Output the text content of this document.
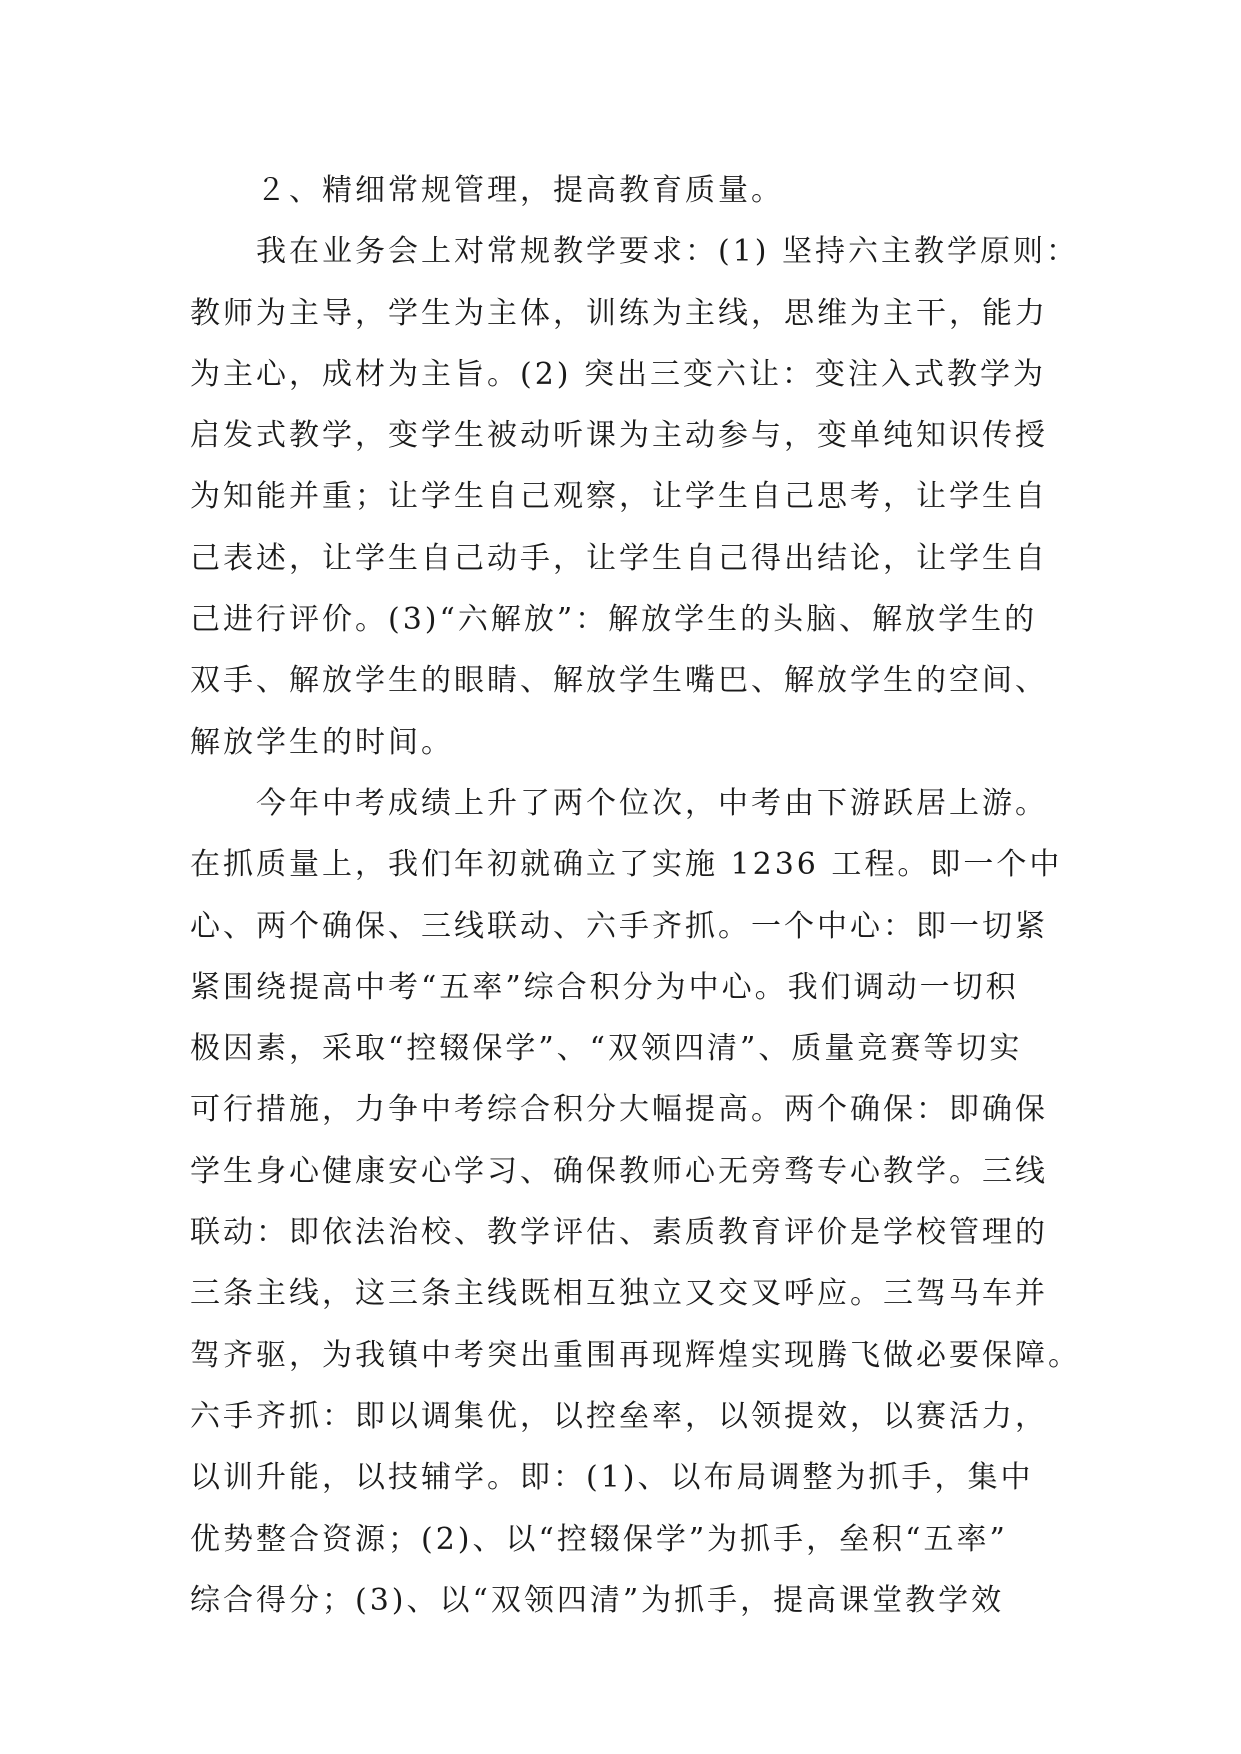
２、精细常规管理，提高教育质量。
我在业务会上对常规教学要求：(1) 坚持六主教学原则：
教师为主导，学生为主体，训练为主线，思维为主干，能力
为主心，成材为主旨。(2) 突出三变六让：变注入式教学为
启发式教学，变学生被动听课为主动参与，变单纯知识传授
为知能并重；让学生自己观察，让学生自己思考，让学生自
己表述，让学生自己动手，让学生自己得出结论，让学生自
己进行评价。(3)“六解放”：解放学生的头脑、解放学生的
双手、解放学生的眼睛、解放学生嘴巴、解放学生的空间、
解放学生的时间。
今年中考成绩上升了两个位次，中考由下游跃居上游。
在抓质量上，我们年初就确立了实施 1236 工程。即一个中
心、两个确保、三线联动、六手齐抓。一个中心：即一切紧
紧围绕提高中考“五率”综合积分为中心。我们调动一切积
极因素，采取“控辍保学”、“双领四清”、质量竞赛等切实
可行措施，力争中考综合积分大幅提高。两个确保：即确保
学生身心健康安心学习、确保教师心无旁骛专心教学。三线
联动：即依法治校、教学评估、素质教育评价是学校管理的
三条主线，这三条主线既相互独立又交叉呼应。三驾马车并
驾齐驱，为我镇中考突出重围再现辉煌实现腾飞做必要保障。
六手齐抓：即以调集优，以控垒率，以领提效，以赛活力，
以训升能，以技辅学。即：(1)、以布局调整为抓手，集中
优势整合资源；(2)、以“控辍保学”为抓手，垒积“五率”
综合得分；(3)、以“双领四清”为抓手，提高课堂教学效
